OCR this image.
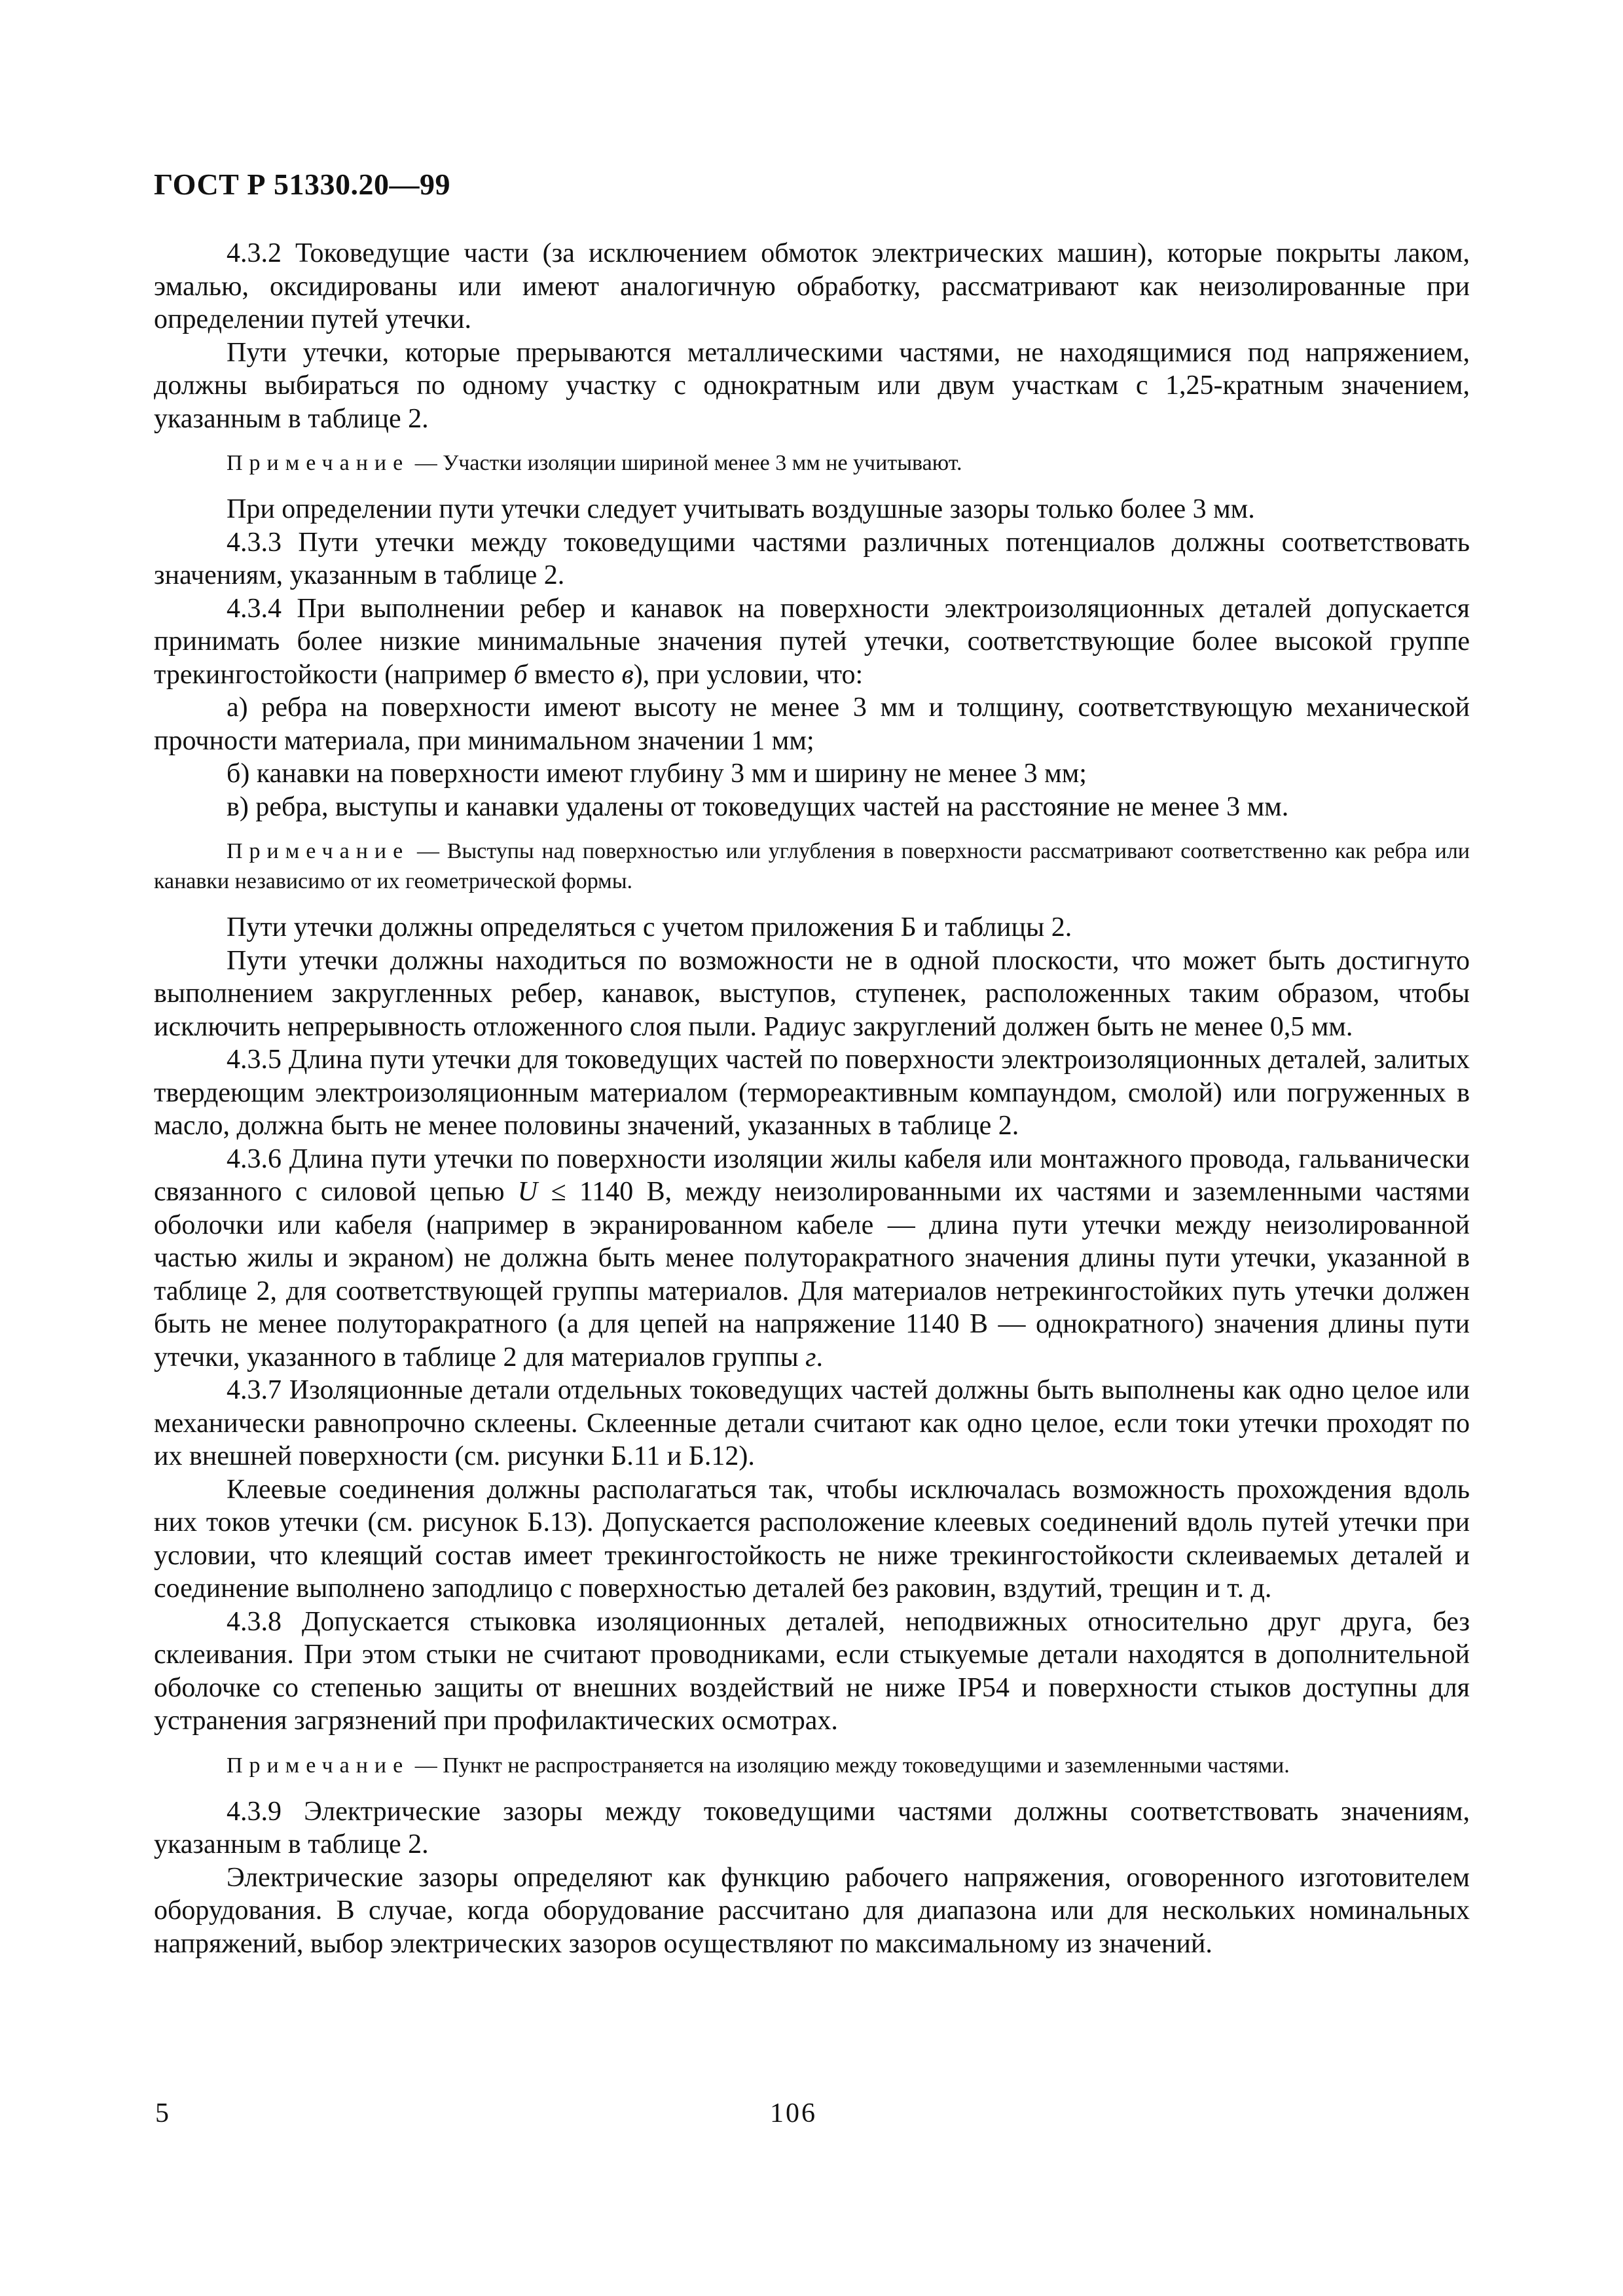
ГОСТ Р 51330.20—99

4.3.2 Токоведущие части (за исключением обмоток электрических машин), которые покрыты лаком, эмалью, оксидированы или имеют аналогичную обработку, рассматривают как неизолированные при определении путей утечки.

Пути утечки, которые прерываются металлическими частями, не находящимися под напряжением, должны выбираться по одному участку с однократным или двум участкам с 1,25-кратным значением, указанным в таблице 2.

Примечание — Участки изоляции шириной менее 3 мм не учитывают.

При определении пути утечки следует учитывать воздушные зазоры только более 3 мм.

4.3.3 Пути утечки между токоведущими частями различных потенциалов должны соответствовать значениям, указанным в таблице 2.

4.3.4 При выполнении ребер и канавок на поверхности электроизоляционных деталей допускается принимать более низкие минимальные значения путей утечки, соответствующие более высокой группе трекингостойкости (например б вместо в), при условии, что:

а) ребра на поверхности имеют высоту не менее 3 мм и толщину, соответствующую механической прочности материала, при минимальном значении 1 мм;

б) канавки на поверхности имеют глубину 3 мм и ширину не менее 3 мм;

в) ребра, выступы и канавки удалены от токоведущих частей на расстояние не менее 3 мм.

Примечание — Выступы над поверхностью или углубления в поверхности рассматривают соответственно как ребра или канавки независимо от их геометрической формы.

Пути утечки должны определяться с учетом приложения Б и таблицы 2.

Пути утечки должны находиться по возможности не в одной плоскости, что может быть достигнуто выполнением закругленных ребер, канавок, выступов, ступенек, расположенных таким образом, чтобы исключить непрерывность отложенного слоя пыли. Радиус закруглений должен быть не менее 0,5 мм.

4.3.5 Длина пути утечки для токоведущих частей по поверхности электроизоляционных деталей, залитых твердеющим электроизоляционным материалом (термореактивным компаундом, смолой) или погруженных в масло, должна быть не менее половины значений, указанных в таблице 2.

4.3.6 Длина пути утечки по поверхности изоляции жилы кабеля или монтажного провода, гальванически связанного с силовой цепью U ≤ 1140 В, между неизолированными их частями и заземленными частями оболочки или кабеля (например в экранированном кабеле — длина пути утечки между неизолированной частью жилы и экраном) не должна быть менее полуторакратного значения длины пути утечки, указанной в таблице 2, для соответствующей группы материалов. Для материалов нетрекингостойких путь утечки должен быть не менее полуторакратного (а для цепей на напряжение 1140 В — однократного) значения длины пути утечки, указанного в таблице 2 для материалов группы г.

4.3.7 Изоляционные детали отдельных токоведущих частей должны быть выполнены как одно целое или механически равнопрочно склеены. Склеенные детали считают как одно целое, если токи утечки проходят по их внешней поверхности (см. рисунки Б.11 и Б.12).

Клеевые соединения должны располагаться так, чтобы исключалась возможность прохождения вдоль них токов утечки (см. рисунок Б.13). Допускается расположение клеевых соединений вдоль путей утечки при условии, что клеящий состав имеет трекингостойкость не ниже трекингостойкости склеиваемых деталей и соединение выполнено заподлицо с поверхностью деталей без раковин, вздутий, трещин и т. д.

4.3.8 Допускается стыковка изоляционных деталей, неподвижных относительно друг друга, без склеивания. При этом стыки не считают проводниками, если стыкуемые детали находятся в дополнительной оболочке со степенью защиты от внешних воздействий не ниже IP54 и поверхности стыков доступны для устранения загрязнений при профилактических осмотрах.

Примечание — Пункт не распространяется на изоляцию между токоведущими и заземленными частями.

4.3.9 Электрические зазоры между токоведущими частями должны соответствовать значениям, указанным в таблице 2.

Электрические зазоры определяют как функцию рабочего напряжения, оговоренного изготовителем оборудования. В случае, когда оборудование рассчитано для диапазона или для нескольких номинальных напряжений, выбор электрических зазоров осуществляют по максимальному из значений.

5	106
